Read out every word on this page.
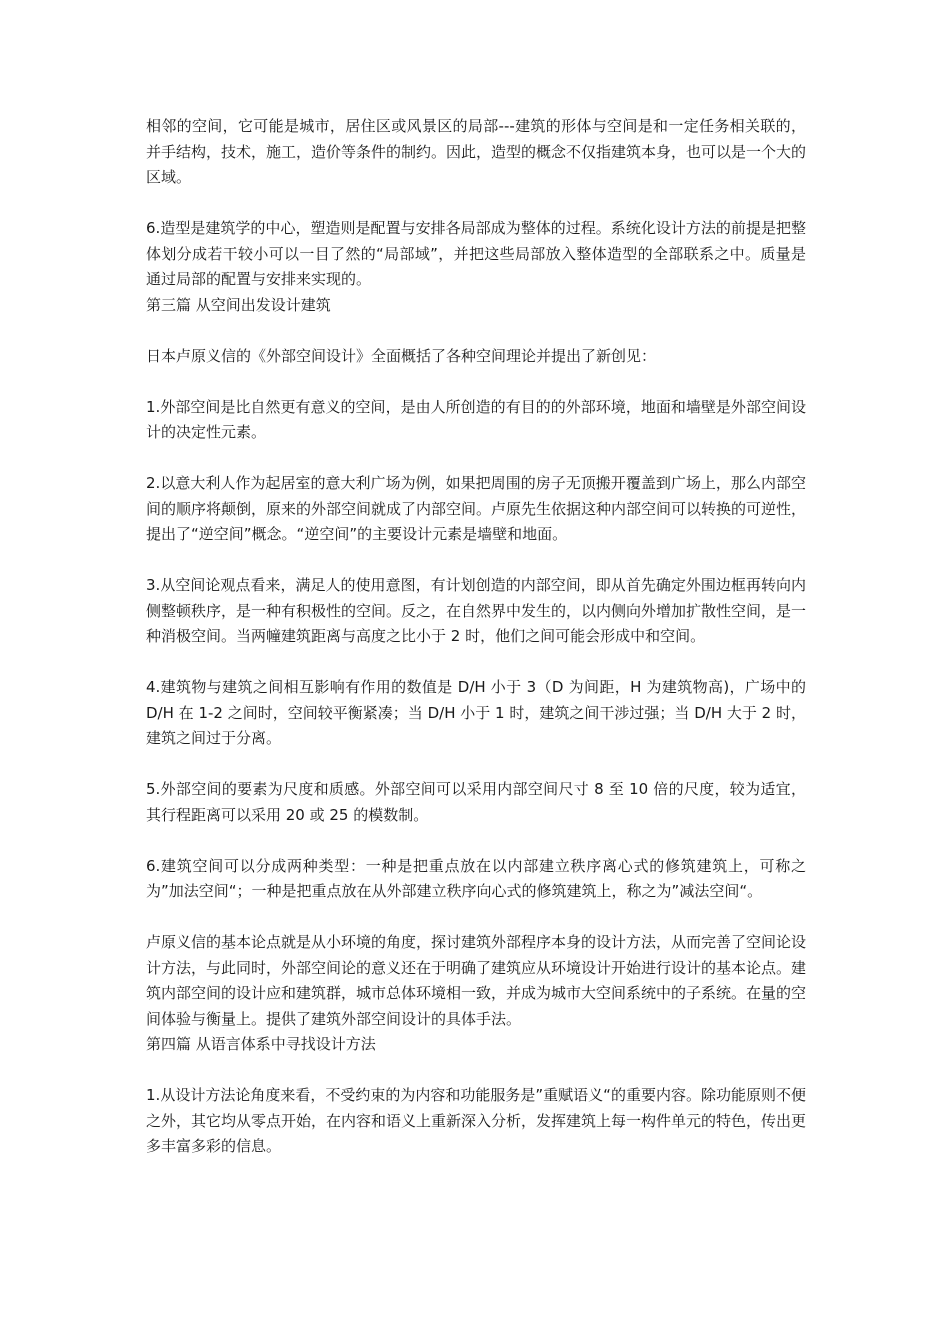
相邻的空间，它可能是城市，居住区或风景区的局部---建筑的形体与空间是和一定任务相关联的，并手结构，技术，施工，造价等条件的制约。因此，造型的概念不仅指建筑本身，也可以是一个大的区域。

6.造型是建筑学的中心，塑造则是配置与安排各局部成为整体的过程。系统化设计方法的前提是把整体划分成若干较小可以一目了然的“局部域”，并把这些局部放入整体造型的全部联系之中。质量是通过局部的配置与安排来实现的。

第三篇 从空间出发设计建筑

日本卢原义信的《外部空间设计》全面概括了各种空间理论并提出了新创见：

1.外部空间是比自然更有意义的空间，是由人所创造的有目的的外部环境，地面和墙壁是外部空间设计的决定性元素。

2.以意大利人作为起居室的意大利广场为例，如果把周围的房子无顶搬开覆盖到广场上，那么内部空间的顺序将颠倒，原来的外部空间就成了内部空间。卢原先生依据这种内部空间可以转换的可逆性，提出了“逆空间”概念。“逆空间”的主要设计元素是墙壁和地面。

3.从空间论观点看来，满足人的使用意图，有计划创造的内部空间，即从首先确定外围边框再转向内侧整顿秩序，是一种有积极性的空间。反之，在自然界中发生的，以内侧向外增加扩散性空间，是一种消极空间。当两幢建筑距离与高度之比小于 2 时，他们之间可能会形成中和空间。

4.建筑物与建筑之间相互影响有作用的数值是 D/H 小于 3（D 为间距，H 为建筑物高)，广场中的 D/H 在 1-2 之间时，空间较平衡紧凑；当 D/H 小于 1 时，建筑之间干涉过强；当 D/H 大于 2 时，建筑之间过于分离。

5.外部空间的要素为尺度和质感。外部空间可以采用内部空间尺寸 8 至 10 倍的尺度，较为适宜，其行程距离可以采用 20 或 25 的模数制。

6.建筑空间可以分成两种类型：一种是把重点放在以内部建立秩序离心式的修筑建筑上，可称之为”加法空间“；一种是把重点放在从外部建立秩序向心式的修筑建筑上，称之为”减法空间“。

卢原义信的基本论点就是从小环境的角度，探讨建筑外部程序本身的设计方法，从而完善了空间论设计方法，与此同时，外部空间论的意义还在于明确了建筑应从环境设计开始进行设计的基本论点。建筑内部空间的设计应和建筑群，城市总体环境相一致，并成为城市大空间系统中的子系统。在量的空间体验与衡量上。提供了建筑外部空间设计的具体手法。

第四篇 从语言体系中寻找设计方法

1.从设计方法论角度来看，不受约束的为内容和功能服务是”重赋语义“的重要内容。除功能原则不便之外，其它均从零点开始，在内容和语义上重新深入分析，发挥建筑上每一构件单元的特色，传出更多丰富多彩的信息。
